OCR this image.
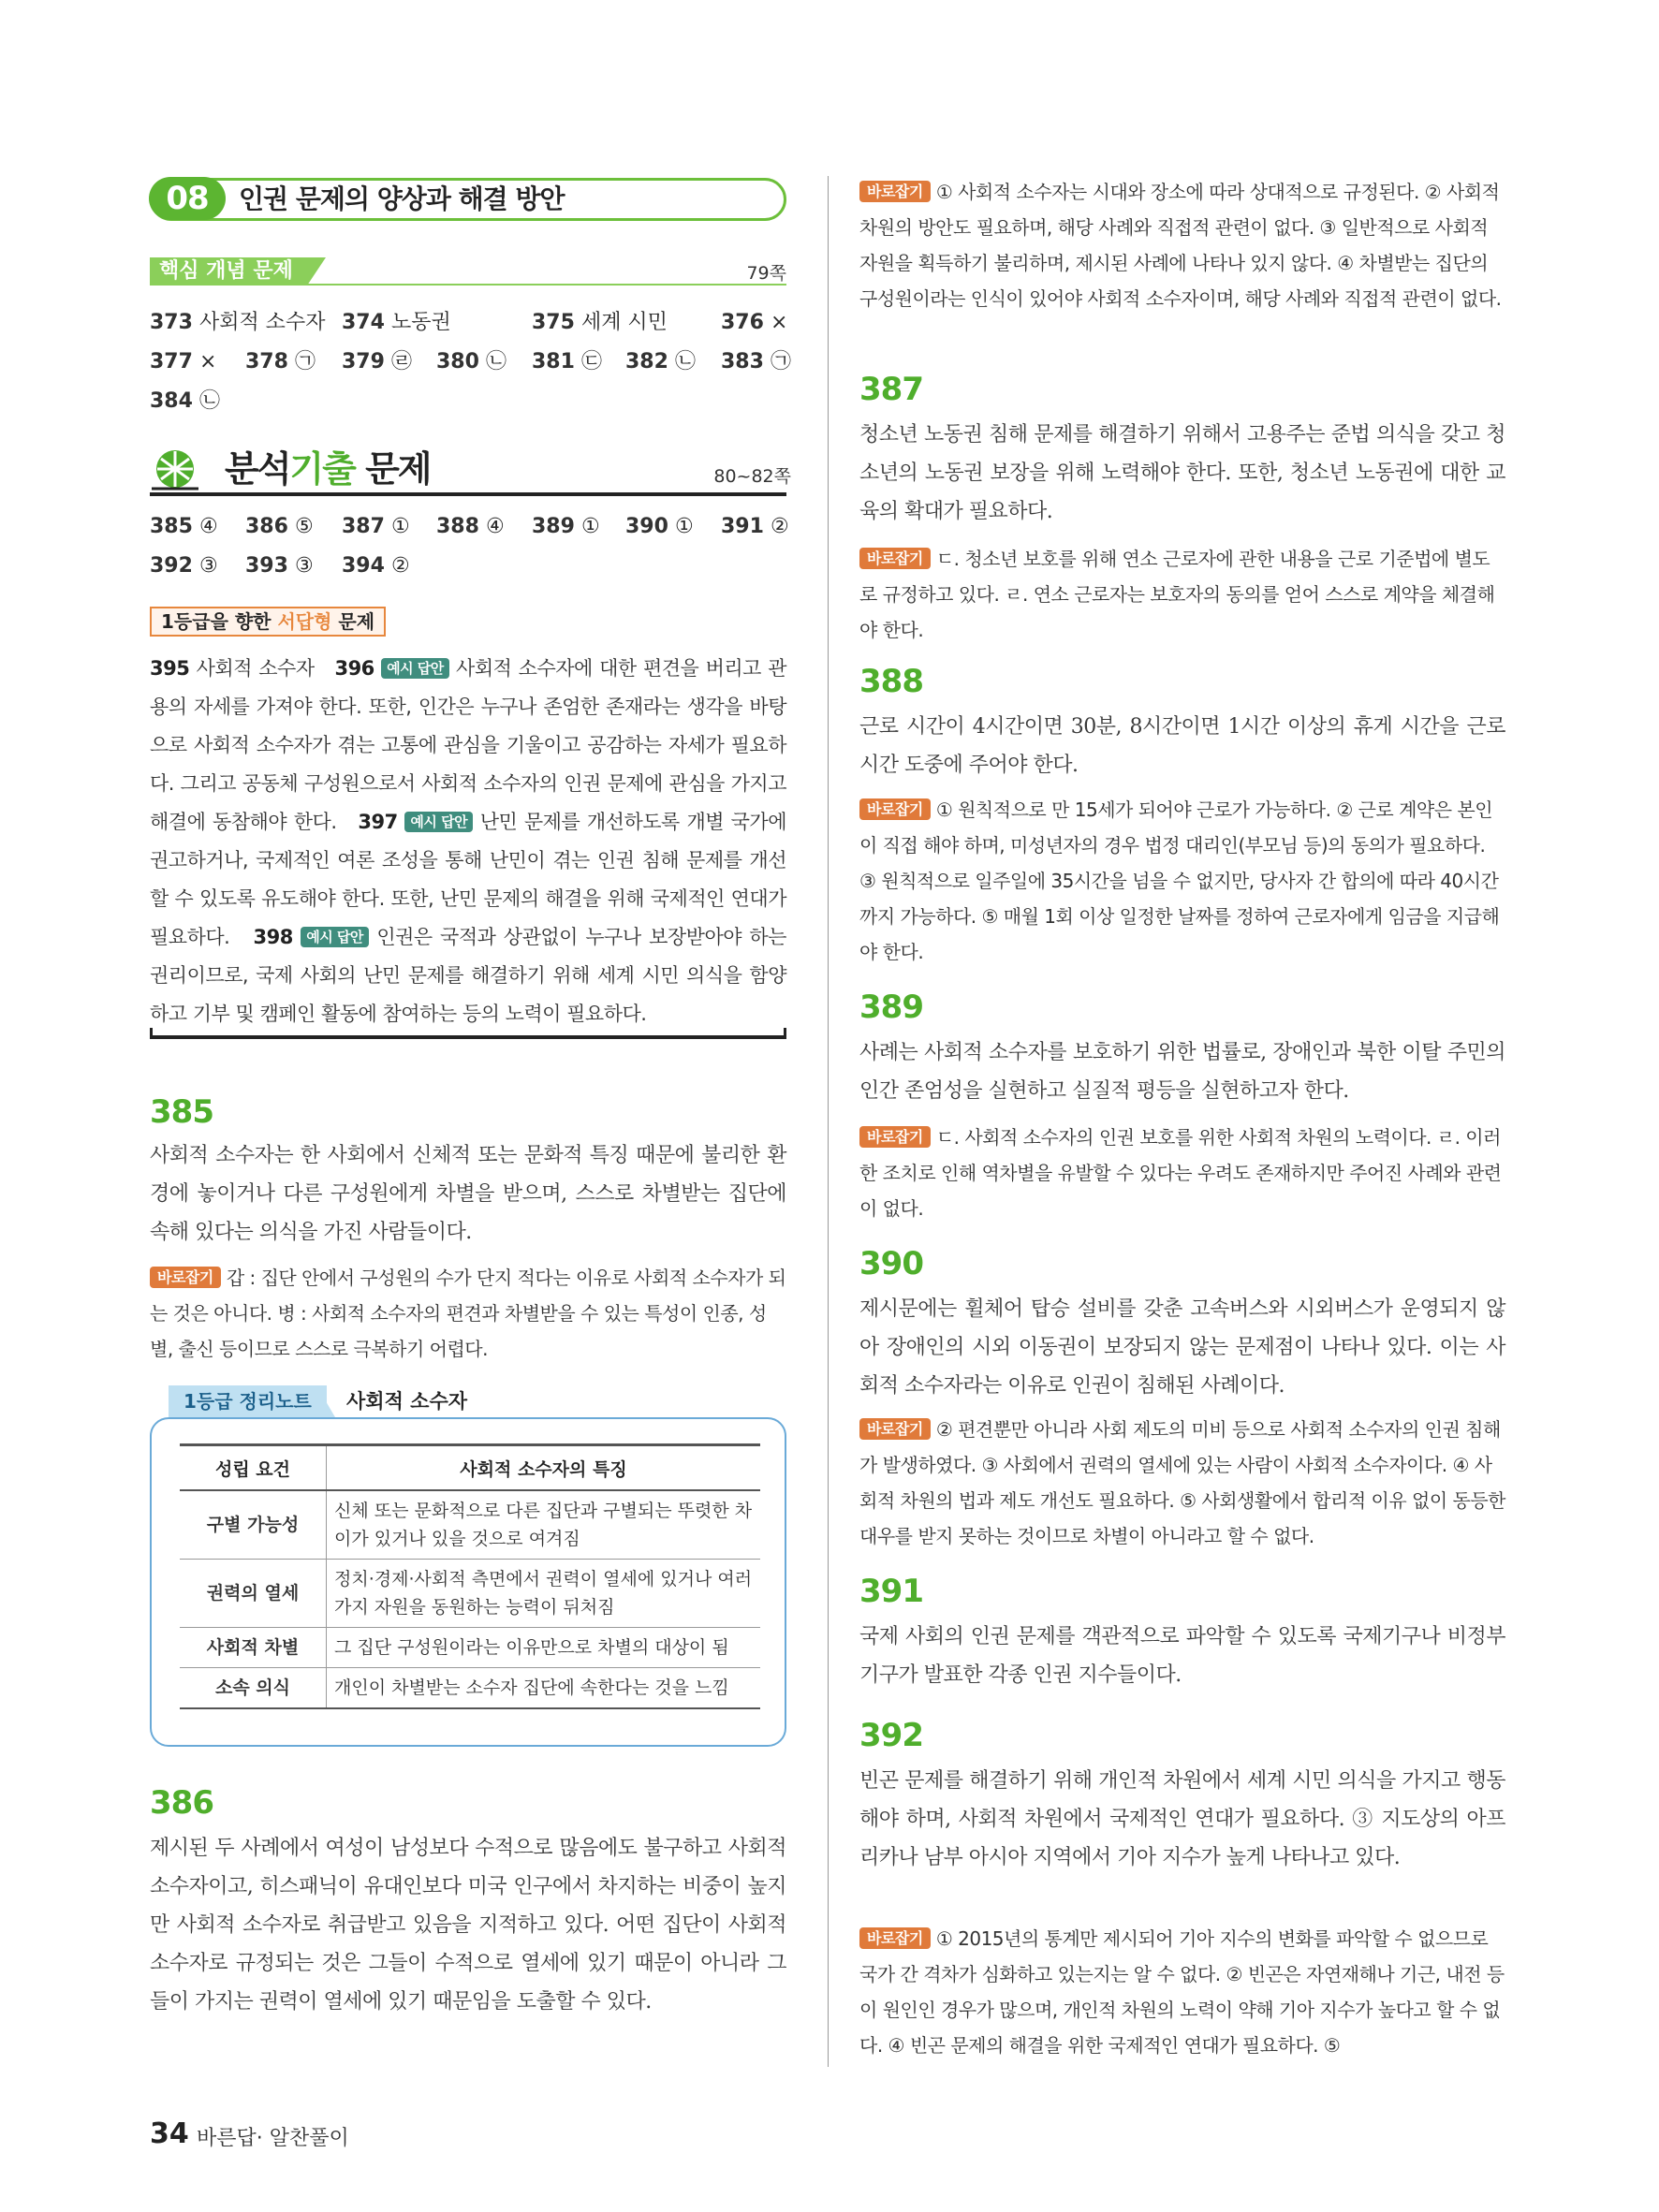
08	인권 문제의 양상과 해결 방안
핵심 개념 문제	79쪽
373 사회적 소수자 374 노동권	375 세계 시민	376 ×
377 × 378 ㉠ 379 ㉣ 380 ㉡ 381 ㉢ 382 ㉡ 383 ㉠
384 ㉡
분석기출 문제	80~82쪽
385 ④ 386 ⑤ 387 ① 388 ④ 389 ① 390 ① 391 ②
392 ③ 393 ③ 394 ②
1등급을 향한 서답형 문제
395 사회적 소수자 396 예시 답안 사회적 소수자에 대한 편견을 버리고 관용의 자세를 가져야 한다. 또한, 인간은 누구나 존엄한 존재라는 생각을 바탕으로 사회적 소수자가 겪는 고통에 관심을 기울이고 공감하는 자세가 필요하다. 그리고 공동체 구성원으로서 사회적 소수자의 인권 문제에 관심을 가지고 해결에 동참해야 한다. 397 예시 답안 난민 문제를 개선하도록 개별 국가에 권고하거나, 국제적인 여론 조성을 통해 난민이 겪는 인권 침해 문제를 개선할 수 있도록 유도해야 한다. 또한, 난민 문제의 해결을 위해 국제적인 연대가 필요하다. 398 예시 답안 인권은 국적과 상관없이 누구나 보장받아야 하는 권리이므로, 국제 사회의 난민 문제를 해결하기 위해 세계 시민 의식을 함양하고 기부 및 캠페인 활동에 참여하는 등의 노력이 필요하다.
385
사회적 소수자는 한 사회에서 신체적 또는 문화적 특징 때문에 불리한 환경에 놓이거나 다른 구성원에게 차별을 받으며, 스스로 차별받는 집단에 속해 있다는 의식을 가진 사람들이다.
바로잡기 갑 : 집단 안에서 구성원의 수가 단지 적다는 이유로 사회적 소수자가 되는 것은 아니다. 병 : 사회적 소수자의 편견과 차별받을 수 있는 특성이 인종, 성별, 출신 등이므로 스스로 극복하기 어렵다.
1등급 정리노트	사회적 소수자
성립 요건	사회적 소수자의 특징
구별 가능성	신체 또는 문화적으로 다른 집단과 구별되는 뚜렷한 차이가 있거나 있을 것으로 여겨짐
권력의 열세	정치·경제·사회적 측면에서 권력이 열세에 있거나 여러 가지 자원을 동원하는 능력이 뒤처짐
사회적 차별	그 집단 구성원이라는 이유만으로 차별의 대상이 됨
소속 의식	개인이 차별받는 소수자 집단에 속한다는 것을 느낌
386
제시된 두 사례에서 여성이 남성보다 수적으로 많음에도 불구하고 사회적 소수자이고, 히스패닉이 유대인보다 미국 인구에서 차지하는 비중이 높지만 사회적 소수자로 취급받고 있음을 지적하고 있다. 어떤 집단이 사회적 소수자로 규정되는 것은 그들이 수적으로 열세에 있기 때문이 아니라 그들이 가지는 권력이 열세에 있기 때문임을 도출할 수 있다.
바로잡기 ① 사회적 소수자는 시대와 장소에 따라 상대적으로 규정된다. ② 사회적 차원의 방안도 필요하며, 해당 사례와 직접적 관련이 없다. ③ 일반적으로 사회적 자원을 획득하기 불리하며, 제시된 사례에 나타나 있지 않다. ④ 차별받는 집단의 구성원이라는 인식이 있어야 사회적 소수자이며, 해당 사례와 직접적 관련이 없다.
387
청소년 노동권 침해 문제를 해결하기 위해서 고용주는 준법 의식을 갖고 청소년의 노동권 보장을 위해 노력해야 한다. 또한, 청소년 노동권에 대한 교육의 확대가 필요하다.
바로잡기 ㄷ. 청소년 보호를 위해 연소 근로자에 관한 내용을 근로 기준법에 별도로 규정하고 있다. ㄹ. 연소 근로자는 보호자의 동의를 얻어 스스로 계약을 체결해야 한다.
388
근로 시간이 4시간이면 30분, 8시간이면 1시간 이상의 휴게 시간을 근로 시간 도중에 주어야 한다.
바로잡기 ① 원칙적으로 만 15세가 되어야 근로가 가능하다. ② 근로 계약은 본인이 직접 해야 하며, 미성년자의 경우 법정 대리인(부모님 등)의 동의가 필요하다. ③ 원칙적으로 일주일에 35시간을 넘을 수 없지만, 당사자 간 합의에 따라 40시간까지 가능하다. ⑤ 매월 1회 이상 일정한 날짜를 정하여 근로자에게 임금을 지급해야 한다.
389
사례는 사회적 소수자를 보호하기 위한 법률로, 장애인과 북한 이탈 주민의 인간 존엄성을 실현하고 실질적 평등을 실현하고자 한다.
바로잡기 ㄷ. 사회적 소수자의 인권 보호를 위한 사회적 차원의 노력이다. ㄹ. 이러한 조치로 인해 역차별을 유발할 수 있다는 우려도 존재하지만 주어진 사례와 관련이 없다.
390
제시문에는 휠체어 탑승 설비를 갖춘 고속버스와 시외버스가 운영되지 않아 장애인의 시외 이동권이 보장되지 않는 문제점이 나타나 있다. 이는 사회적 소수자라는 이유로 인권이 침해된 사례이다.
바로잡기 ② 편견뿐만 아니라 사회 제도의 미비 등으로 사회적 소수자의 인권 침해가 발생하였다. ③ 사회에서 권력의 열세에 있는 사람이 사회적 소수자이다. ④ 사회적 차원의 법과 제도 개선도 필요하다. ⑤ 사회생활에서 합리적 이유 없이 동등한 대우를 받지 못하는 것이므로 차별이 아니라고 할 수 없다.
391
국제 사회의 인권 문제를 객관적으로 파악할 수 있도록 국제기구나 비정부 기구가 발표한 각종 인권 지수들이다.
392
빈곤 문제를 해결하기 위해 개인적 차원에서 세계 시민 의식을 가지고 행동해야 하며, 사회적 차원에서 국제적인 연대가 필요하다. ③ 지도상의 아프리카나 남부 아시아 지역에서 기아 지수가 높게 나타나고 있다.
바로잡기 ① 2015년의 통계만 제시되어 기아 지수의 변화를 파악할 수 없으므로 국가 간 격차가 심화하고 있는지는 알 수 없다. ② 빈곤은 자연재해나 기근, 내전 등이 원인인 경우가 많으며, 개인적 차원의 노력이 약해 기아 지수가 높다고 할 수 없다. ④ 빈곤 문제의 해결을 위한 국제적인 연대가 필요하다. ⑤
34 바른답· 알찬풀이
